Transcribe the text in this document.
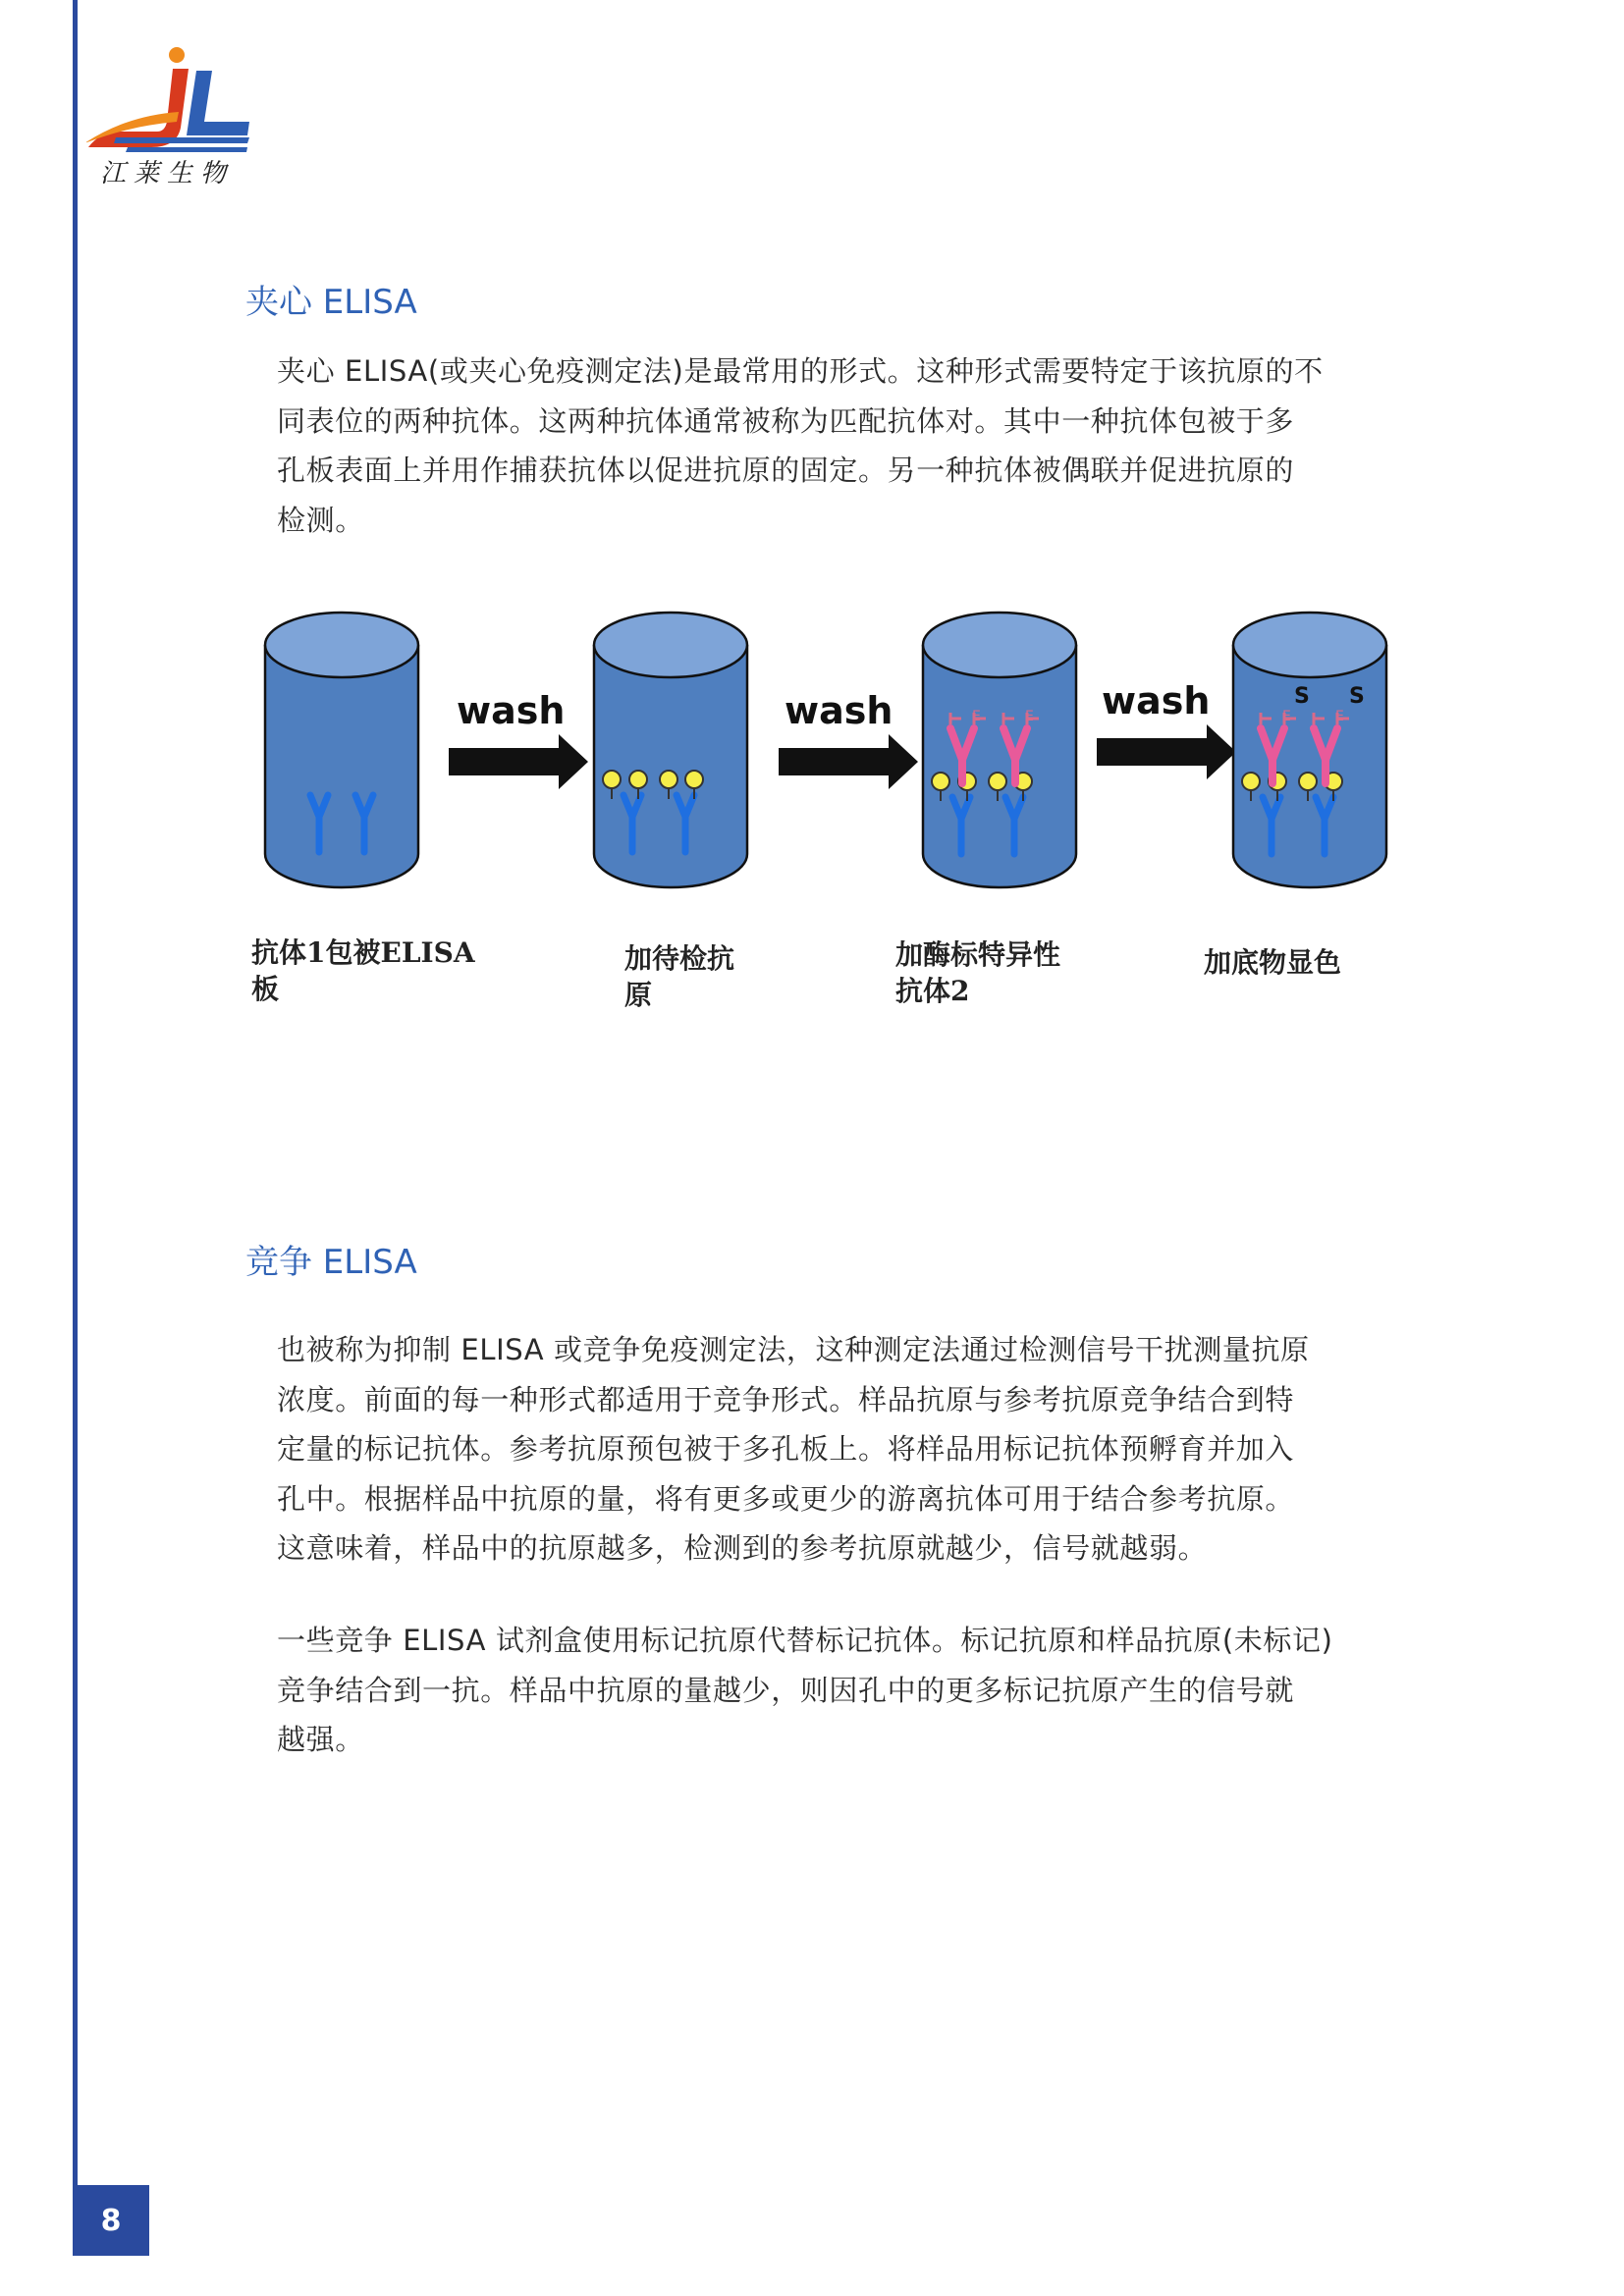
江莱生物
夹心 ELISA

夹心 ELISA(或夹心免疫测定法)是最常用的形式。这种形式需要特定于该抗原的不
同表位的两种抗体。这两种抗体通常被称为匹配抗体对。其中一种抗体包被于多
孔板表面上并用作捕获抗体以促进抗原的固定。另一种抗体被偶联并促进抗原的
检测。

wash	wash	E	E wash	E	E
S S
抗体1包被ELISA
板
加待检抗
原
加酶标特异性
抗体2
加底物显色
竞争 ELISA

也被称为抑制 ELISA 或竞争免疫测定法，这种测定法通过检测信号干扰测量抗原
浓度。前面的每一种形式都适用于竞争形式。样品抗原与参考抗原竞争结合到特
定量的标记抗体。参考抗原预包被于多孔板上。将样品用标记抗体预孵育并加入
孔中。根据样品中抗原的量，将有更多或更少的游离抗体可用于结合参考抗原。
这意味着，样品中的抗原越多，检测到的参考抗原就越少，信号就越弱。

一些竞争 ELISA 试剂盒使用标记抗原代替标记抗体。标记抗原和样品抗原(未标记)
竞争结合到一抗。样品中抗原的量越少，则因孔中的更多标记抗原产生的信号就
越强。

8
